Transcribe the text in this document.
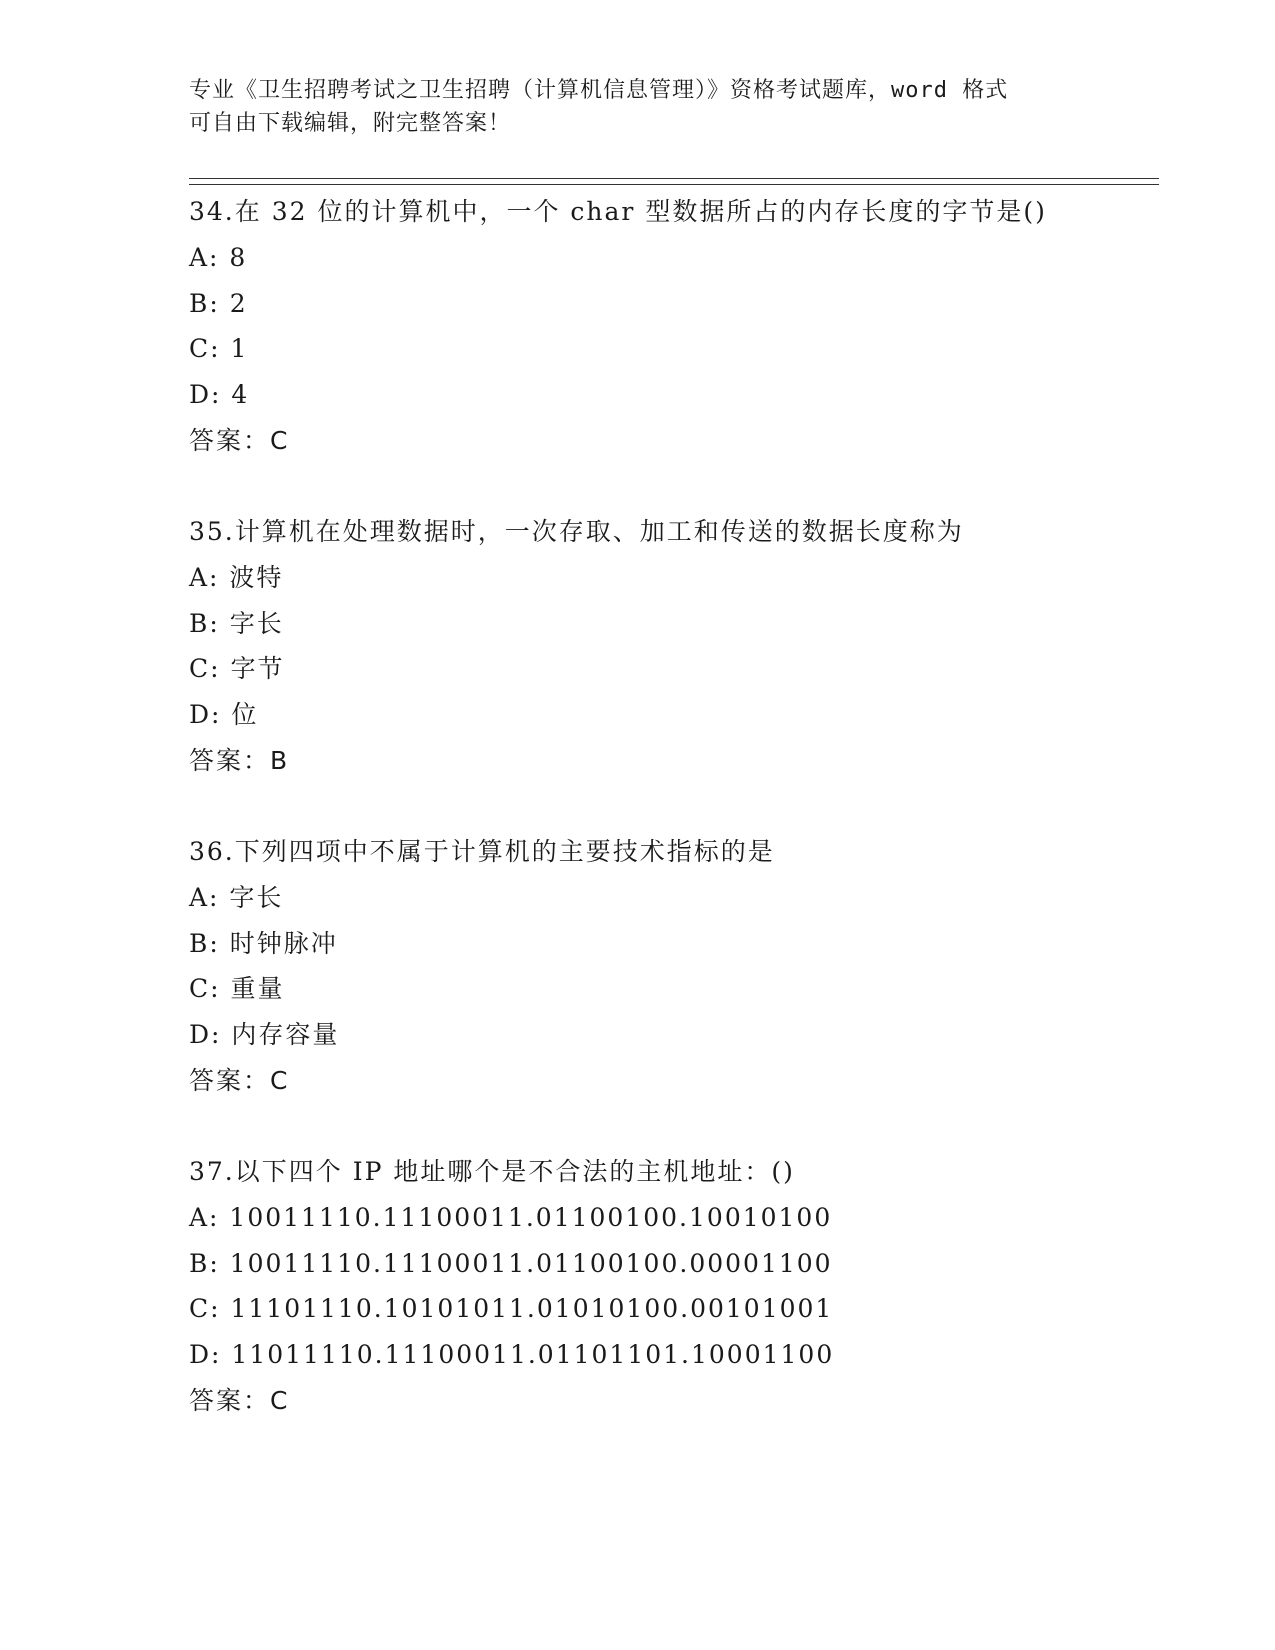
专业《卫生招聘考试之卫生招聘（计算机信息管理）》资格考试题库，word 格式
可自由下载编辑，附完整答案！
34.在 32 位的计算机中，一个 char 型数据所占的内存长度的字节是()
A: 8
B: 2
C: 1
D: 4
答案：C
35.计算机在处理数据时，一次存取、加工和传送的数据长度称为
A: 波特
B: 字长
C: 字节
D: 位
答案：B
36.下列四项中不属于计算机的主要技术指标的是
A: 字长
B: 时钟脉冲
C: 重量
D: 内存容量
答案：C
37.以下四个 IP 地址哪个是不合法的主机地址：()
A: 10011110.11100011.01100100.10010100
B: 10011110.11100011.01100100.00001100
C: 11101110.10101011.01010100.00101001
D: 11011110.11100011.01101101.10001100
答案：C
